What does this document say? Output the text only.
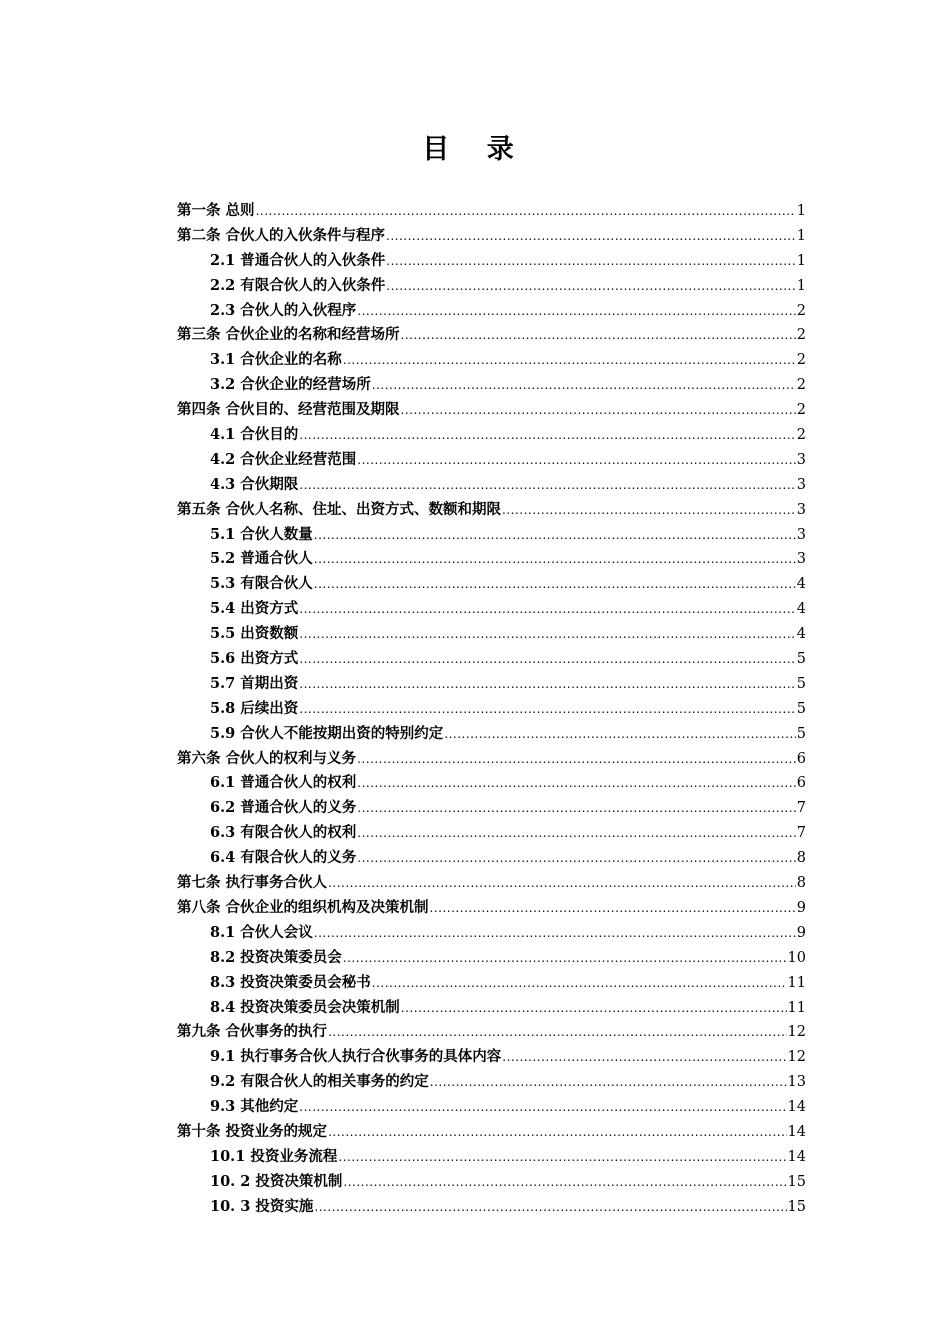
目 录
第一条 总则 .....	1
第二条 合伙人的入伙条件与程序 .....	1
2.1 普通合伙人的入伙条件 .....	1
2.2 有限合伙人的入伙条件 .....	1
2.3 合伙人的入伙程序 .....	2
第三条 合伙企业的名称和经营场所 .....	2
3.1 合伙企业的名称 .....	2
3.2 合伙企业的经营场所 .....	2
第四条 合伙目的、经营范围及期限 .....	2
4.1 合伙目的 .....	2
4.2 合伙企业经营范围 .....	3
4.3 合伙期限 .....	3
第五条 合伙人名称、住址、出资方式、数额和期限 .....	3
5.1 合伙人数量 .....	3
5.2 普通合伙人 .....	3
5.3 有限合伙人 .....	4
5.4 出资方式 .....	4
5.5 出资数额 .....	4
5.6 出资方式 .....	5
5.7 首期出资 .....	5
5.8 后续出资 .....	5
5.9 合伙人不能按期出资的特别约定 .....	5
第六条 合伙人的权利与义务 .....	6
6.1 普通合伙人的权利 .....	6
6.2 普通合伙人的义务 .....	7
6.3 有限合伙人的权利 .....	7
6.4 有限合伙人的义务 .....	8
第七条 执行事务合伙人 .....	8
第八条 合伙企业的组织机构及决策机制 .....	9
8.1 合伙人会议 .....	9
8.2 投资决策委员会 .....	10
8.3 投资决策委员会秘书 .....	11
8.4 投资决策委员会决策机制 .....	11
第九条 合伙事务的执行 .....	12
9.1 执行事务合伙人执行合伙事务的具体内容 .....	12
9.2 有限合伙人的相关事务的约定 .....	13
9.3 其他约定 .....	14
第十条 投资业务的规定 .....	14
10.1 投资业务流程 .....	14
10. 2 投资决策机制 .....	15
10. 3 投资实施 .....	15
